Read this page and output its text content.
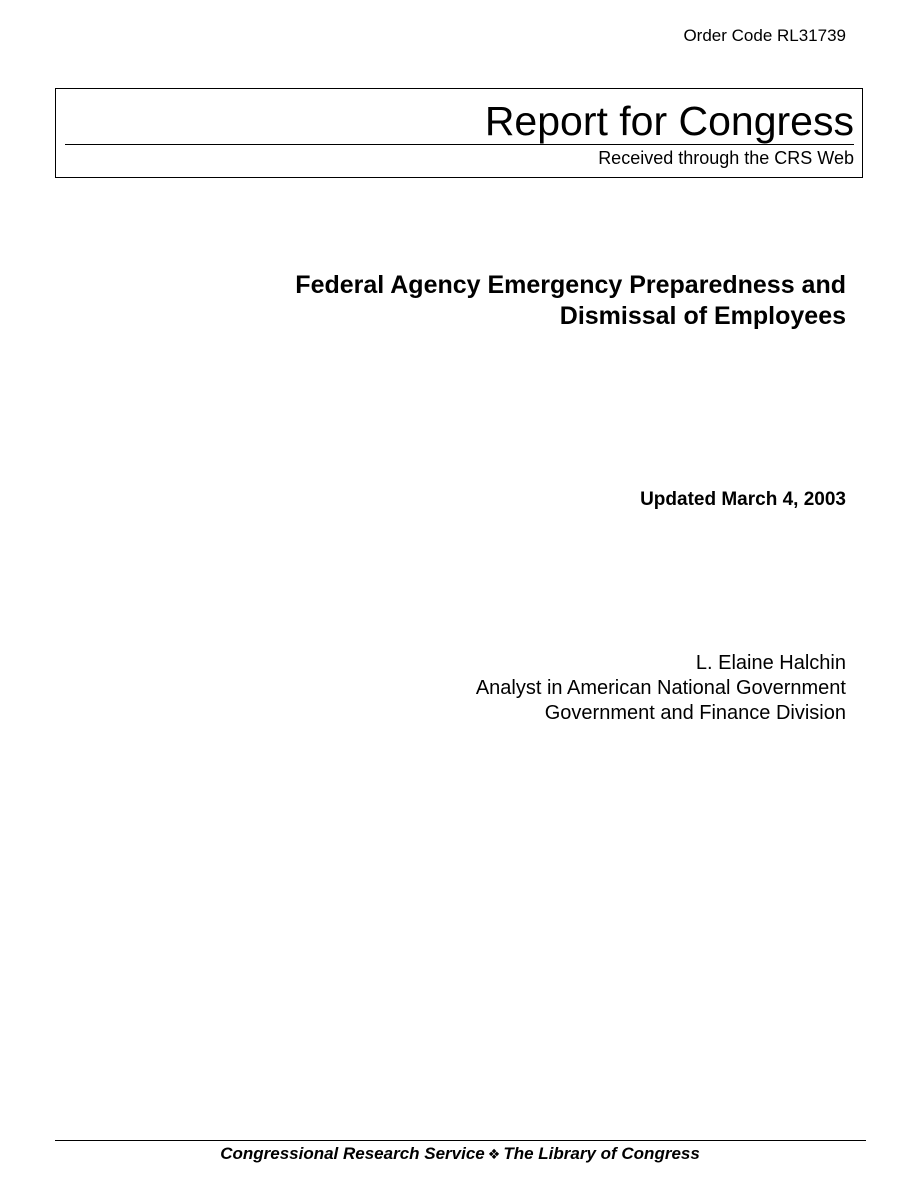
Order Code RL31739
Report for Congress
Received through the CRS Web
Federal Agency Emergency Preparedness and
Dismissal of Employees
Updated March 4, 2003
L. Elaine Halchin
Analyst in American National Government
Government and Finance Division
Congressional Research Service ❖ The Library of Congress
